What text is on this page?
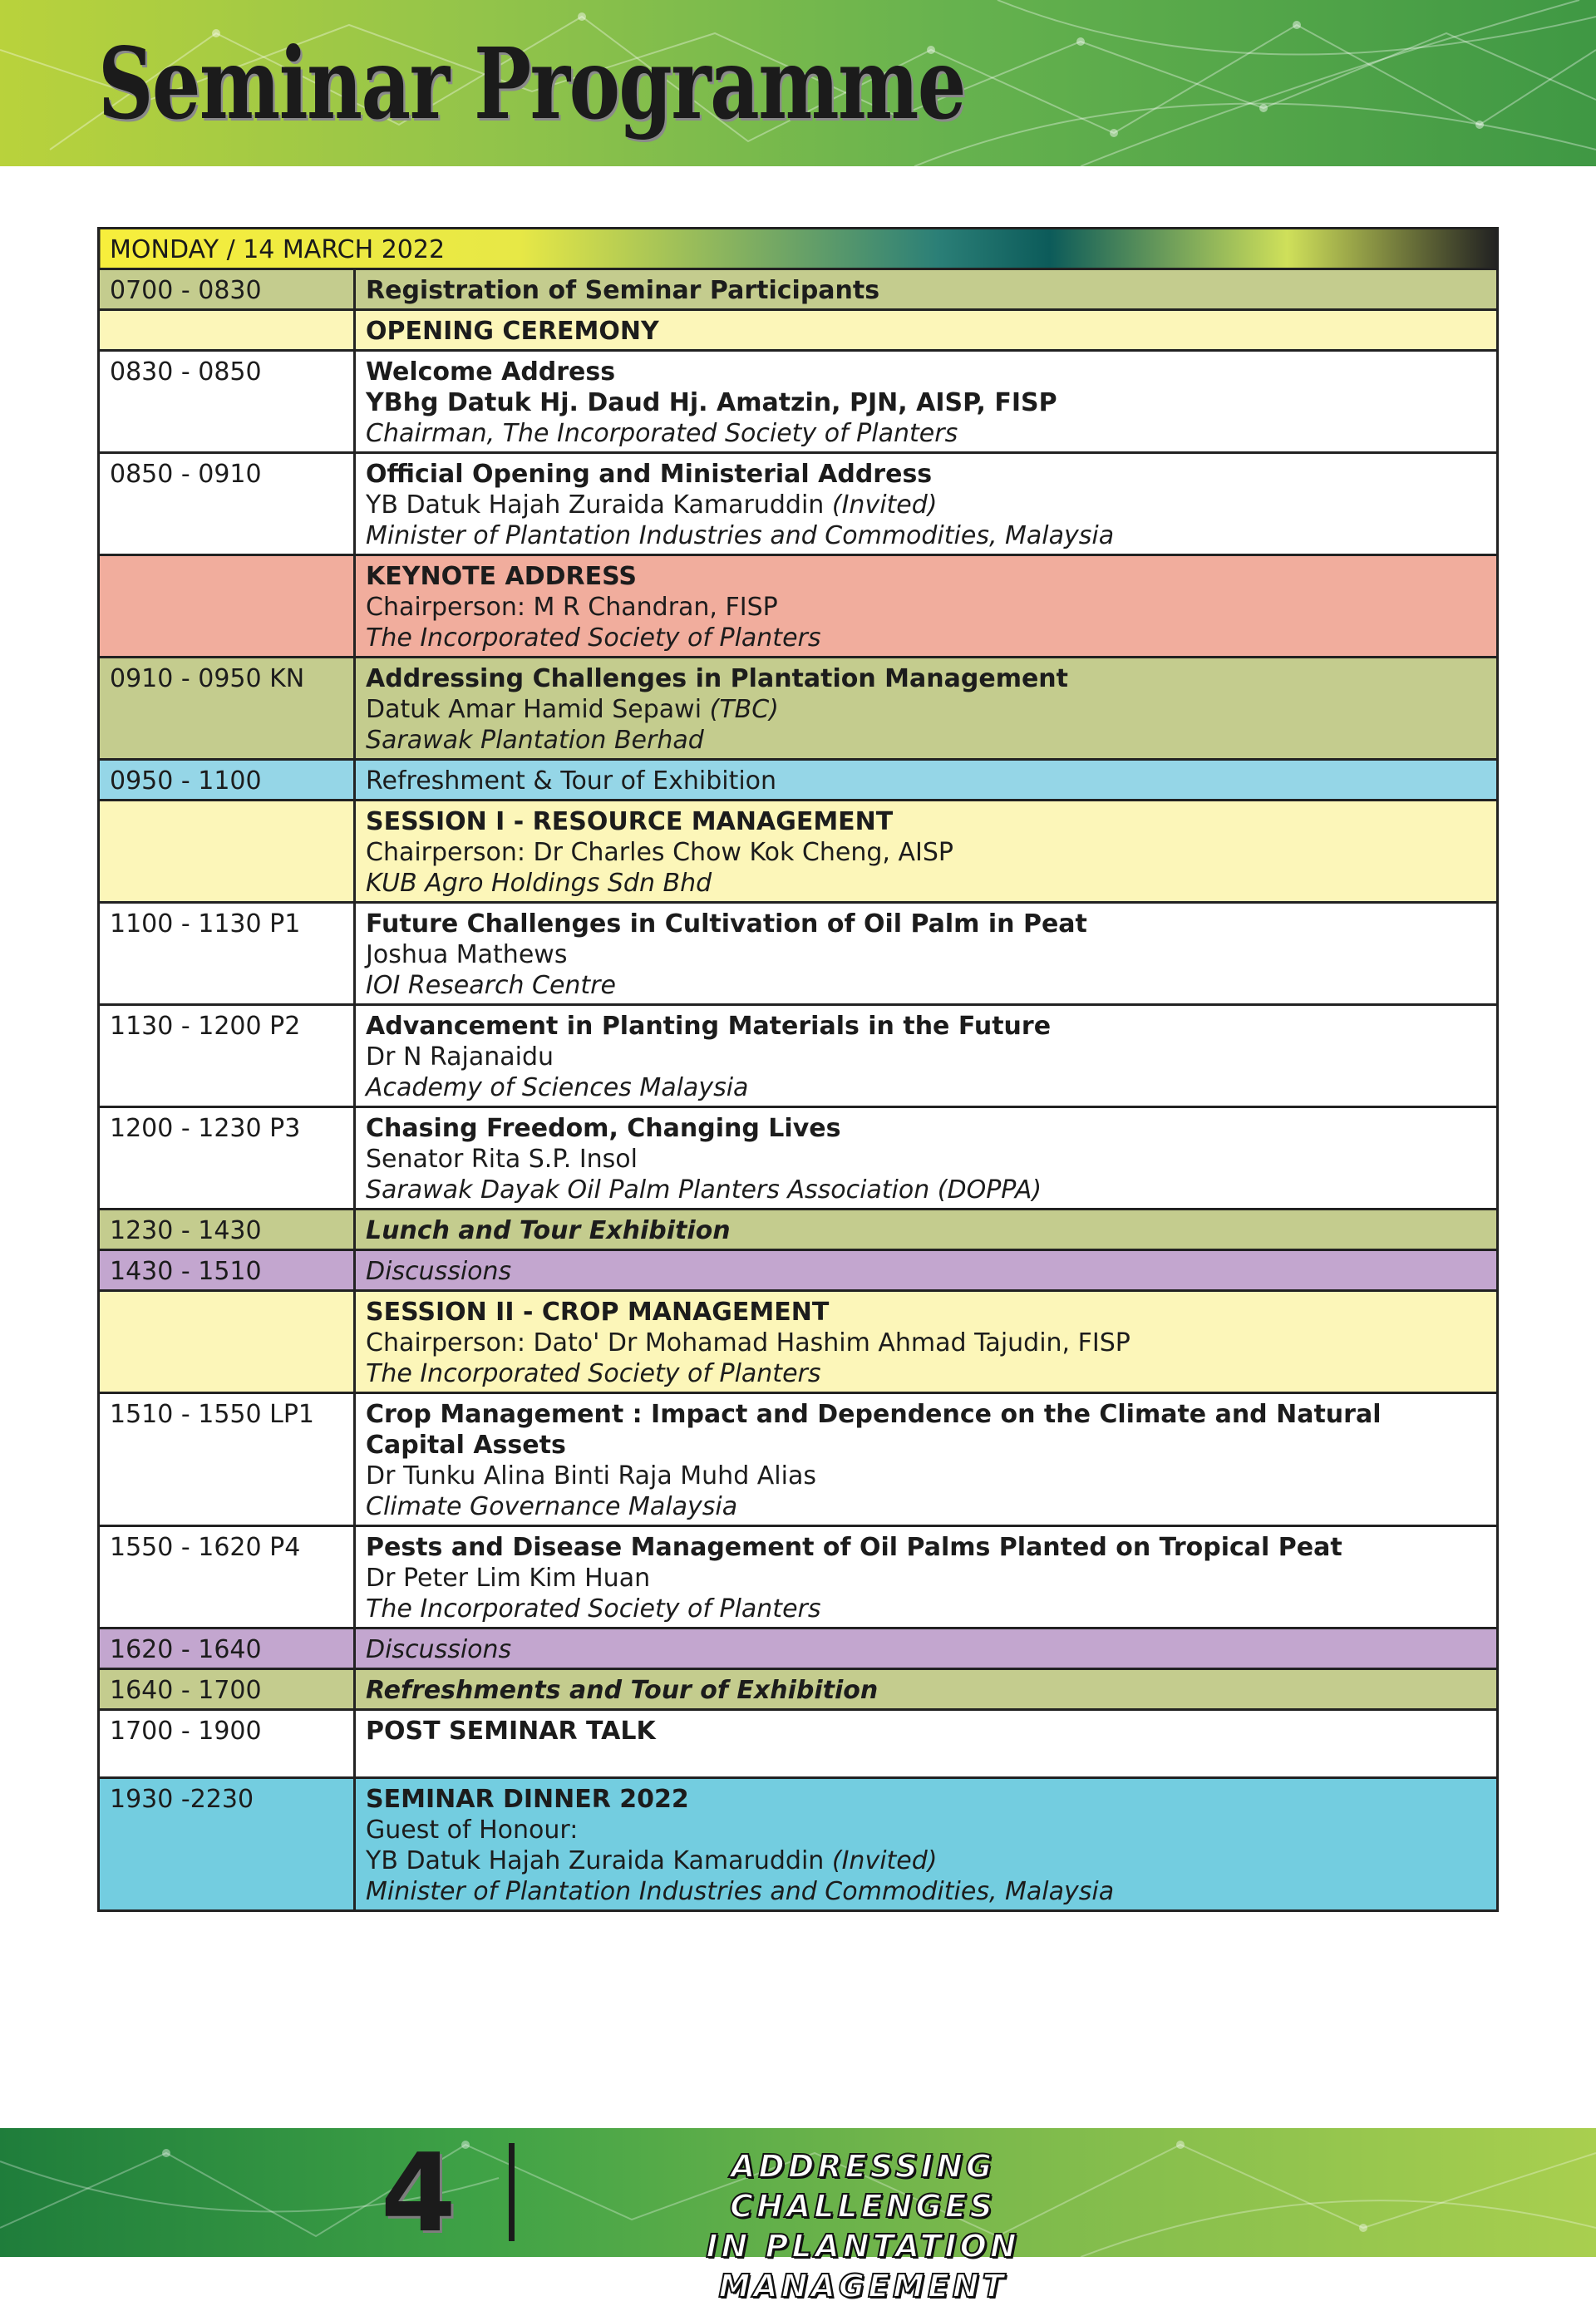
Seminar Programme
MONDAY / 14 MARCH 2022	
0700 - 0830	Registration of Seminar Participants

	OPENING CEREMONY

0830 - 0850	Welcome Address
YBhg Datuk Hj. Daud Hj. Amatzin, PJN, AISP, FISP
Chairman, The Incorporated Society of Planters

0850 - 0910	Official Opening and Ministerial Address
YB Datuk Hajah Zuraida Kamaruddin (Invited)
Minister of Plantation Industries and Commodities, Malaysia

	KEYNOTE ADDRESS
Chairperson: M R Chandran, FISP
The Incorporated Society of Planters

0910 - 0950 KN	Addressing Challenges in Plantation Management
Datuk Amar Hamid Sepawi (TBC)
Sarawak Plantation Berhad

0950 - 1100	Refreshment & Tour of Exhibition

	SESSION I - RESOURCE MANAGEMENT
Chairperson: Dr Charles Chow Kok Cheng, AISP
KUB Agro Holdings Sdn Bhd

1100 - 1130 P1	Future Challenges in Cultivation of Oil Palm in Peat
Joshua Mathews
IOI Research Centre

1130 - 1200 P2	Advancement in Planting Materials in the Future
Dr N Rajanaidu
Academy of Sciences Malaysia

1200 - 1230 P3	Chasing Freedom, Changing Lives
Senator Rita S.P. Insol
Sarawak Dayak Oil Palm Planters Association (DOPPA)

1230 - 1430	Lunch and Tour Exhibition

1430 - 1510	Discussions

	SESSION II - CROP MANAGEMENT
Chairperson: Dato' Dr Mohamad Hashim Ahmad Tajudin, FISP
The Incorporated Society of Planters

1510 - 1550 LP1	Crop Management : Impact and Dependence on the Climate and Natural Capital Assets
Dr Tunku Alina Binti Raja Muhd Alias
Climate Governance Malaysia

1550 - 1620 P4	Pests and Disease Management of Oil Palms Planted on Tropical Peat
Dr Peter Lim Kim Huan
The Incorporated Society of Planters

1620 - 1640	Discussions

1640 - 1700	Refreshments and Tour of Exhibition

1700 - 1900	POST SEMINAR TALK

1930 -2230	SEMINAR DINNER 2022
Guest of Honour:
YB Datuk Hajah Zuraida Kamaruddin (Invited)
Minister of Plantation Industries and Commodities, Malaysia
4	ADDRESSING CHALLENGES
IN PLANTATION MANAGEMENT
